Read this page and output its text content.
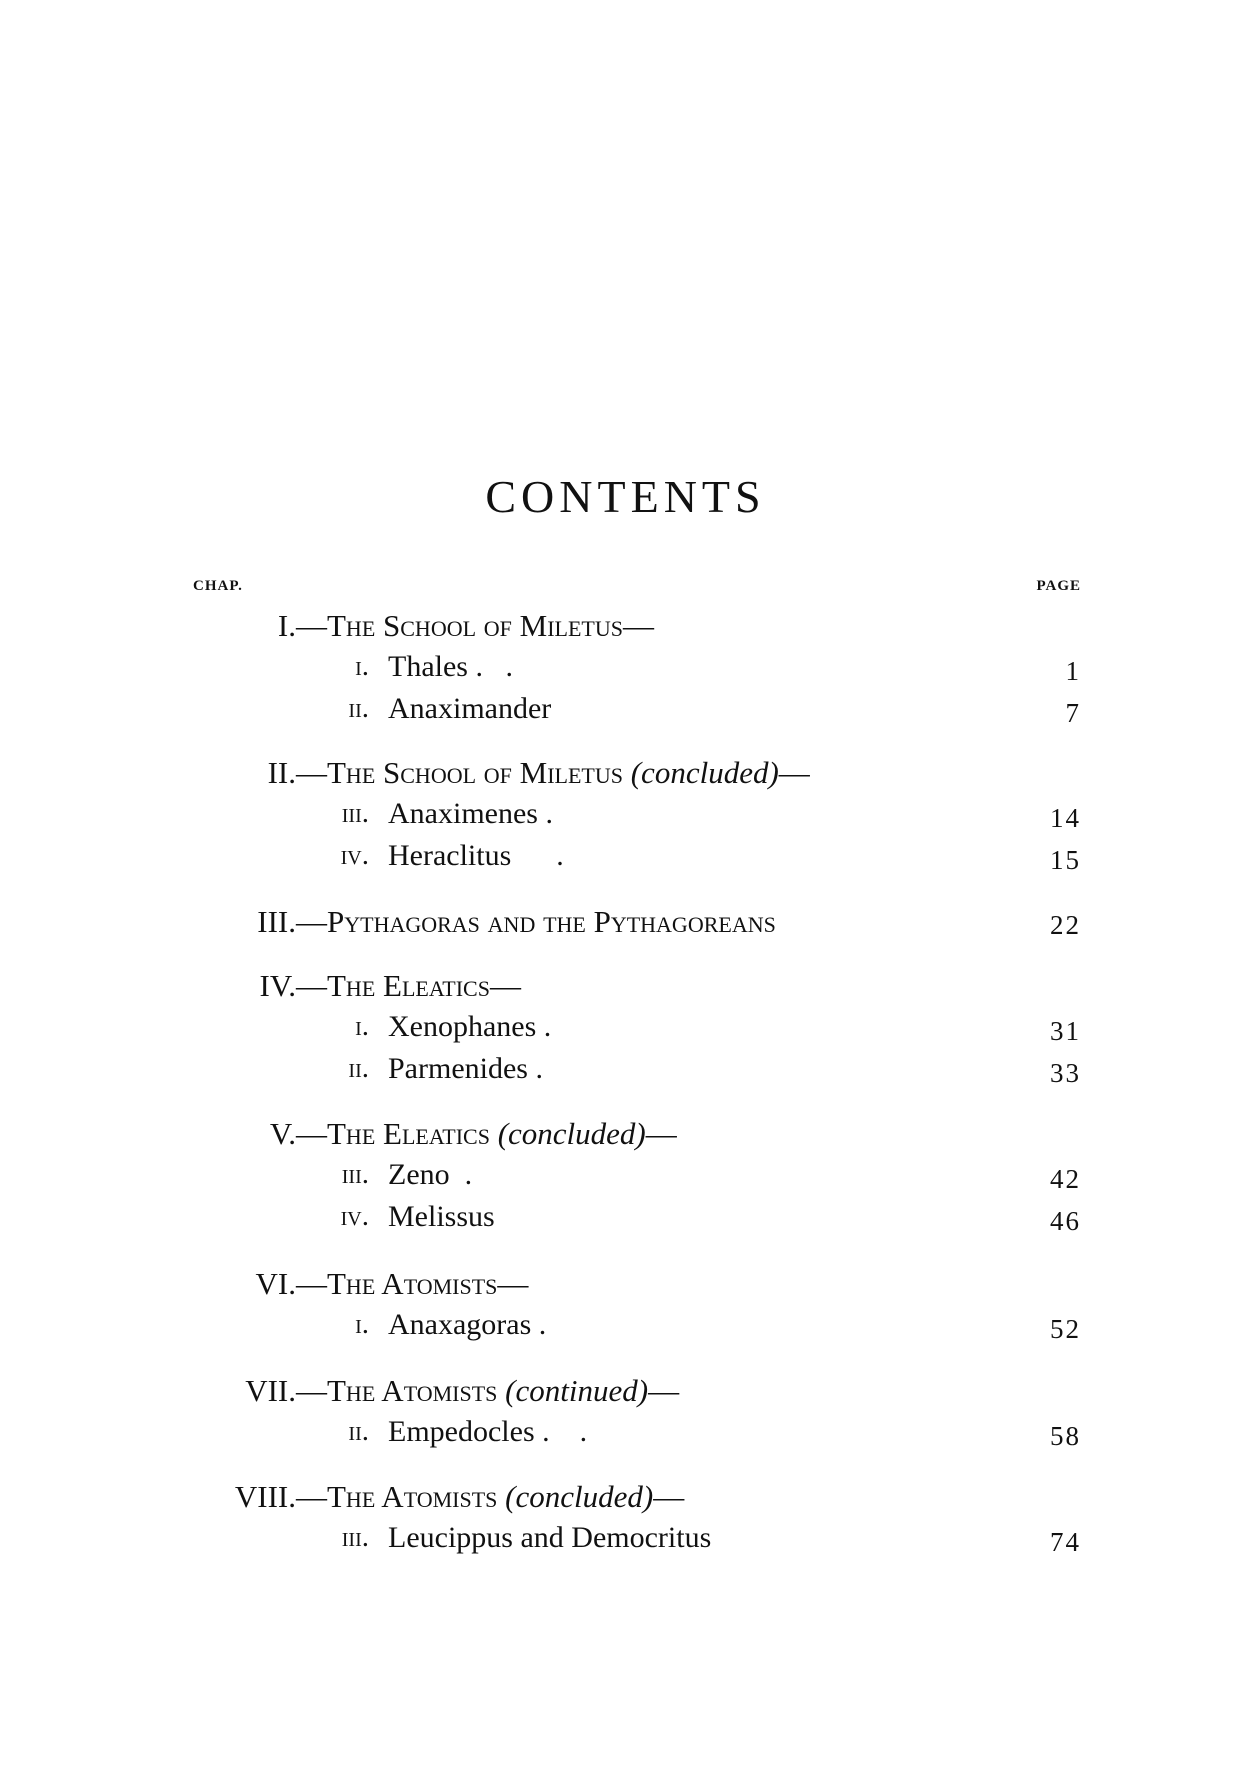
CONTENTS
CHAP.	PAGE
I. —The School of Miletus—
i. Thales .   .	1
ii. Anaximander	7
II. —The School of Miletus (concluded)—
iii. Anaximenes .	14
iv. Heraclitus      .	15
III. —Pythagoras and the Pythagoreans	22
IV. —The Eleatics—
i. Xenophanes .	31
ii. Parmenides .	33
V. —The Eleatics (concluded)—
iii. Zeno  .	42
iv. Melissus	46
VI. —The Atomists—
i. Anaxagoras .	52
VII. —The Atomists (continued)—
ii. Empedocles .    .	58
VIII. —The Atomists (concluded)—
iii. Leucippus and Democritus	74
